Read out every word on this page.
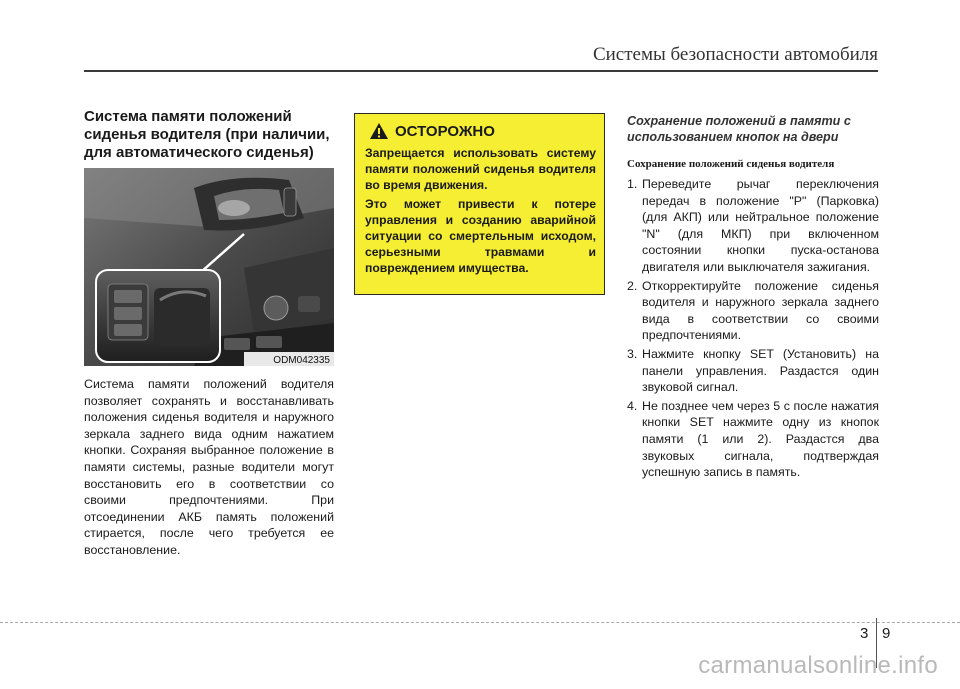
Системы безопасности автомобиля
Система памяти положений
сиденья водителя (при наличии,
для автоматического сиденья)
ODM042335

Система памяти положений водителя позволяет сохранять и восстанавливать положения сиденья водителя и наружного зеркала заднего вида одним нажатием кнопки. Сохраняя выбранное положение в памяти системы, разные водители могут восстановить его в соответствии со своими предпочтениями. При отсоединении АКБ память положений стирается, после чего требуется ее восстановление.

ОСТОРОЖНО

Запрещается использовать систему памяти положений сиденья водителя во время движения.

Это может привести к потере управления и созданию аварийной ситуации со смертельным исходом, серьезными травмами и повреждением имущества.

Сохранение положений в памяти с использованием кнопок на двери

Сохранение положений сиденья водителя

1. Переведите рычаг переключения передач в положение "P" (Парковка) (для АКП) или нейтральное положение "N" (для МКП) при включенном состоянии кнопки пуска-останова двигателя или выключателя зажигания.
2. Откорректируйте положение сиденья водителя и наружного зеркала заднего вида в соответствии со своими предпочтениями.
3. Нажмите кнопку SET (Установить) на панели управления. Раздастся один звуковой сигнал.
4. Не позднее чем через 5 с после нажатия кнопки SET нажмите одну из кнопок памяти (1 или 2). Раздастся два звуковых сигнала, подтверждая успешную запись в память.
3 9
carmanualsonline.info
